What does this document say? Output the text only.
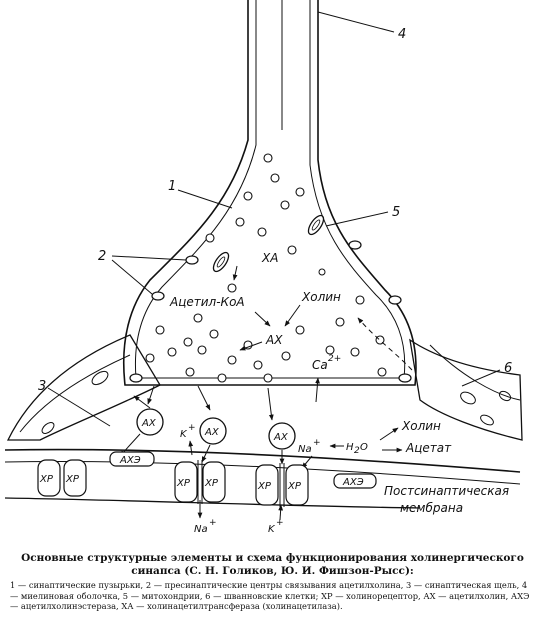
ХА
Ацетил-КоА	Холин
АХ
Ca 2+
АХ
АХ	АХ
K
+
Na
+	H 2 O
Холин
Ацетат
АХЭ
АХЭ
ХР ХР	ХР ХР	ХР ХР
Na
+
K
+
Постсинаптическая
мембрана
4
1
5
2
3
6
Основные структурные элементы и схема функционирования холинергического синапса (С. Н. Голиков, Ю. И. Фишзон-Рысс):
1 — синаптические пузырьки, 2 — пресинаптические центры связывания ацетилхолина, 3 — синаптическая щель, 4 — миелиновая оболочка, 5 — митохондрии, 6 — шванновские клетки; ХР — холинорецептор, АХ — ацетилхолин, АХЭ — ацетилхолинэстераза, ХА — холинацетилтрансфераза (холинацетилаза).
